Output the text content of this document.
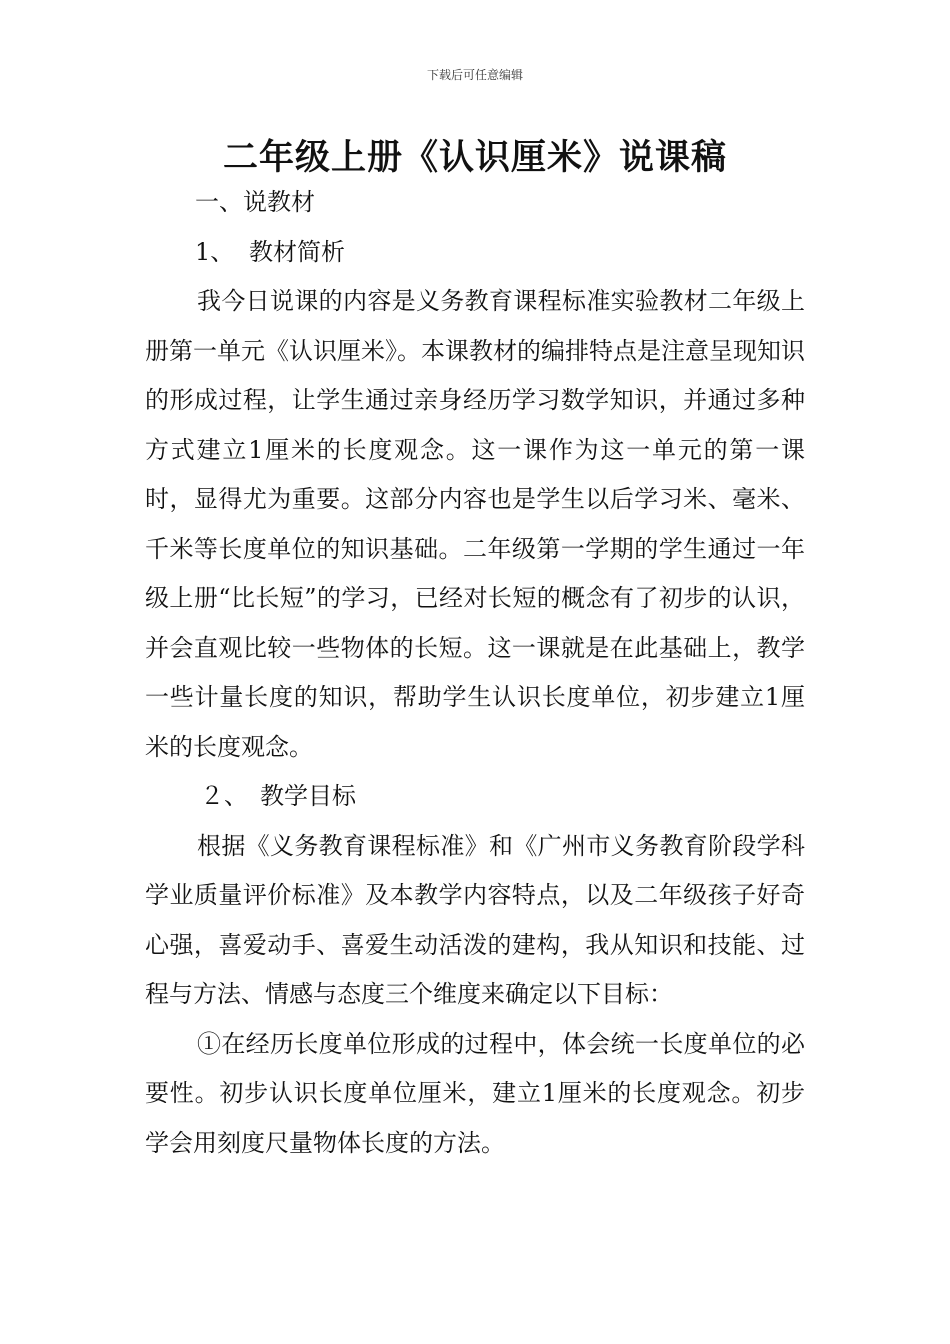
下载后可任意编辑
二年级上册《认识厘米》说课稿

一、说教材

1、 教材简析

我今日说课的内容是义务教育课程标准实验教材二年级上册第一单元《认识厘米》。本课教材的编排特点是注意呈现知识的形成过程，让学生通过亲身经历学习数学知识，并通过多种方式建立1厘米的长度观念。这一课作为这一单元的第一课时，显得尤为重要。这部分内容也是学生以后学习米、毫米、千米等长度单位的知识基础。二年级第一学期的学生通过一年级上册“比长短”的学习，已经对长短的概念有了初步的认识，并会直观比较一些物体的长短。这一课就是在此基础上，教学一些计量长度的知识，帮助学生认识长度单位，初步建立1厘米的长度观念。

２、 教学目标

根据《义务教育课程标准》和《广州市义务教育阶段学科学业质量评价标准》及本教学内容特点，以及二年级孩子好奇心强，喜爱动手、喜爱生动活泼的建构，我从知识和技能、过程与方法、情感与态度三个维度来确定以下目标：

①在经历长度单位形成的过程中，体会统一长度单位的必要性。初步认识长度单位厘米，建立1厘米的长度观念。初步学会用刻度尺量物体长度的方法。
